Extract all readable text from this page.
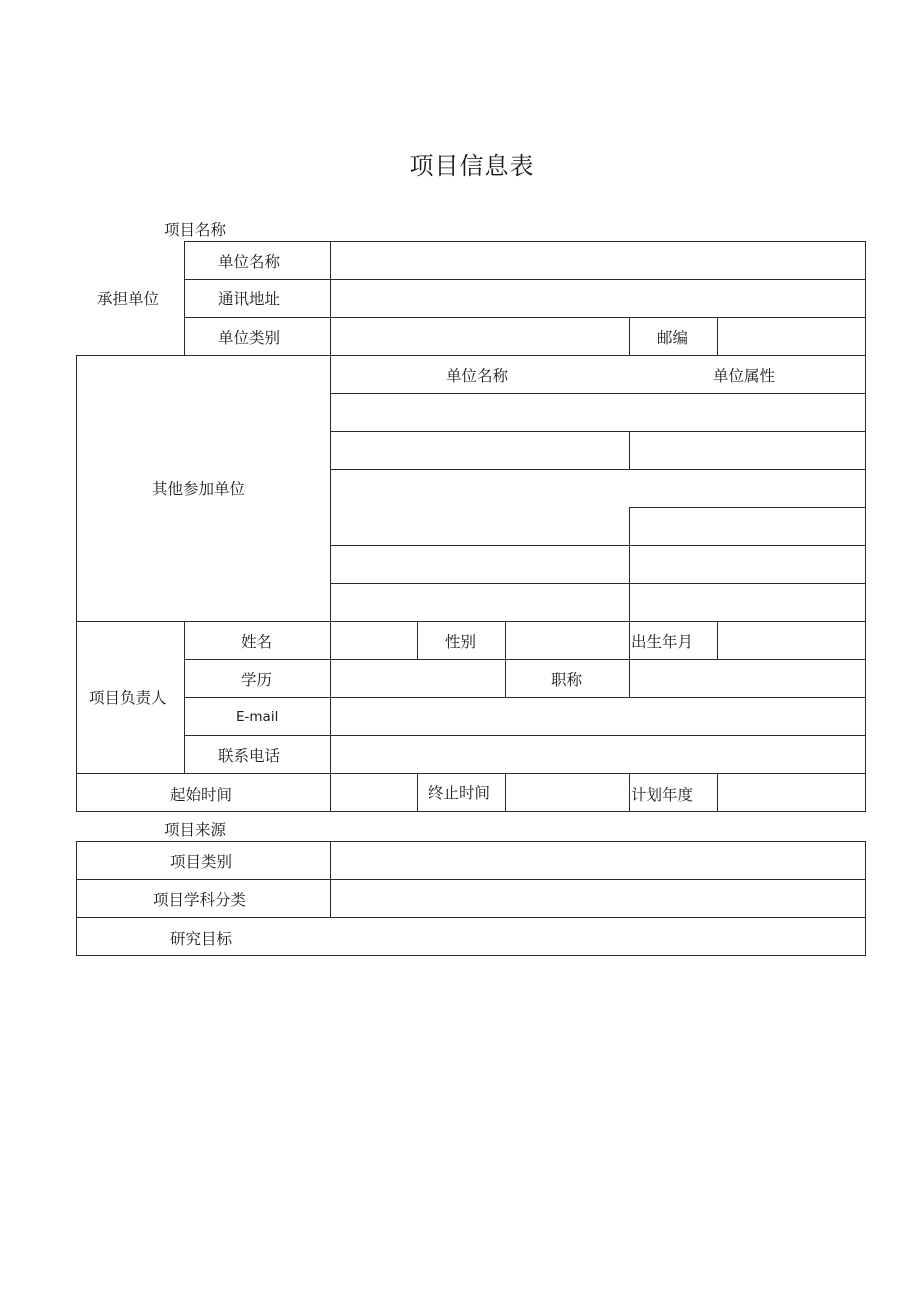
项目信息表
项目名称
承担单位
单位名称
通讯地址
单位类别	邮编
其他参加单位
单位名称	单位属性
项目负责人
姓名	性别	出生年月
学历	职称
E-mail
联系电话
起始时间	终止时间	计划年度
项目来源
项目类别
项目学科分类
研究目标
